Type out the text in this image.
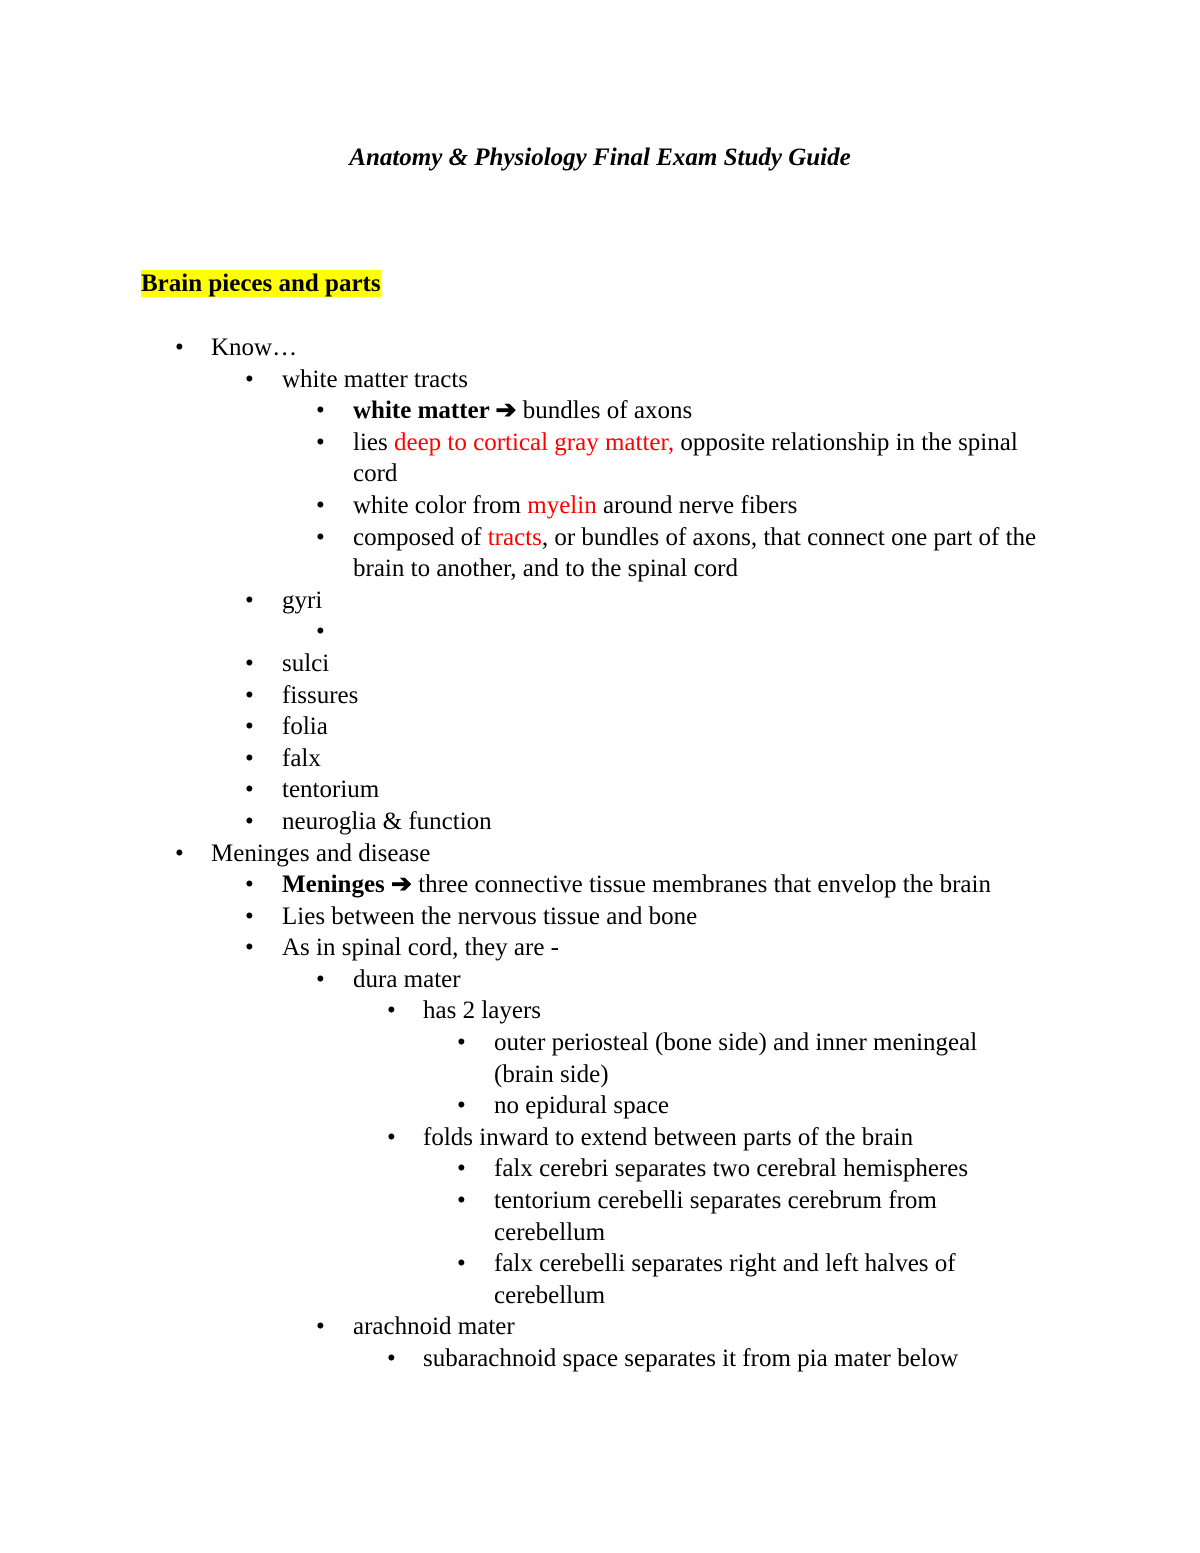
Anatomy & Physiology Final Exam Study Guide
Brain pieces and parts
• Know…
• white matter tracts
• white matter ➔ bundles of axons
• lies deep to cortical gray matter, opposite relationship in the spinal cord
• white color from myelin around nerve fibers
• composed of tracts, or bundles of axons, that connect one part of the brain to another, and to the spinal cord
• gyri
•

• sulci
• fissures
• folia
• falx
• tentorium
• neuroglia & function
• Meninges and disease
• Meninges ➔ three connective tissue membranes that envelop the brain
• Lies between the nervous tissue and bone
• As in spinal cord, they are -
• dura mater
• has 2 layers
• outer periosteal (bone side) and inner meningeal (brain side)
• no epidural space
• folds inward to extend between parts of the brain
• falx cerebri separates two cerebral hemispheres
• tentorium cerebelli separates cerebrum from cerebellum
• falx cerebelli separates right and left halves of cerebellum
• arachnoid mater
• subarachnoid space separates it from pia mater below
